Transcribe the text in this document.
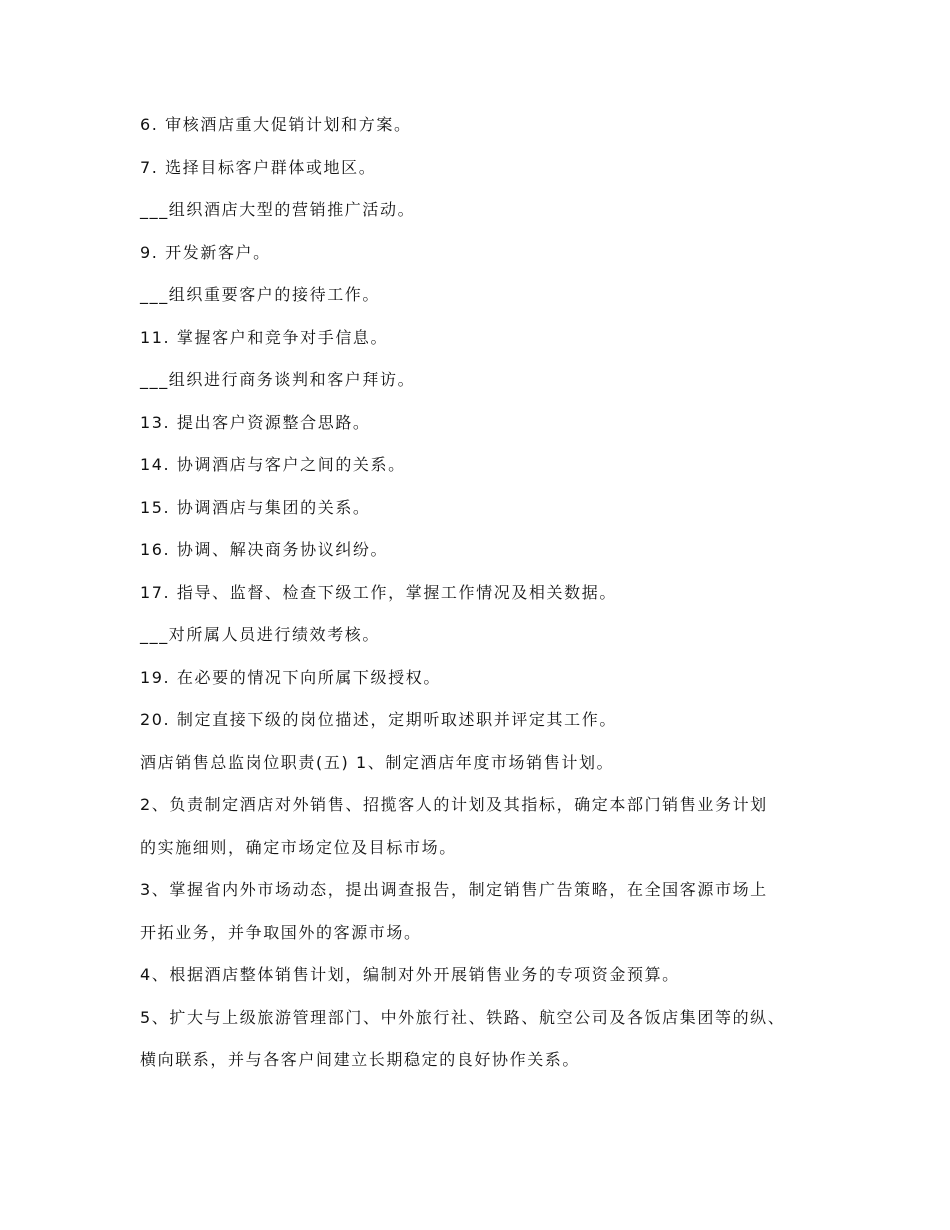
6. 审核酒店重大促销计划和方案。
7. 选择目标客户群体或地区。
___组织酒店大型的营销推广活动。
9. 开发新客户。
___组织重要客户的接待工作。
11. 掌握客户和竞争对手信息。
___组织进行商务谈判和客户拜访。
13. 提出客户资源整合思路。
14. 协调酒店与客户之间的关系。
15. 协调酒店与集团的关系。
16. 协调、解决商务协议纠纷。
17. 指导、监督、检查下级工作，掌握工作情况及相关数据。
___对所属人员进行绩效考核。
19. 在必要的情况下向所属下级授权。
20. 制定直接下级的岗位描述，定期听取述职并评定其工作。
酒店销售总监岗位职责(五) 1、制定酒店年度市场销售计划。
2、负责制定酒店对外销售、招揽客人的计划及其指标，确定本部门销售业务计划
的实施细则，确定市场定位及目标市场。
3、掌握省内外市场动态，提出调查报告，制定销售广告策略，在全国客源市场上
开拓业务，并争取国外的客源市场。
4、根据酒店整体销售计划，编制对外开展销售业务的专项资金预算。
5、扩大与上级旅游管理部门、中外旅行社、铁路、航空公司及各饭店集团等的纵、
横向联系，并与各客户间建立长期稳定的良好协作关系。
